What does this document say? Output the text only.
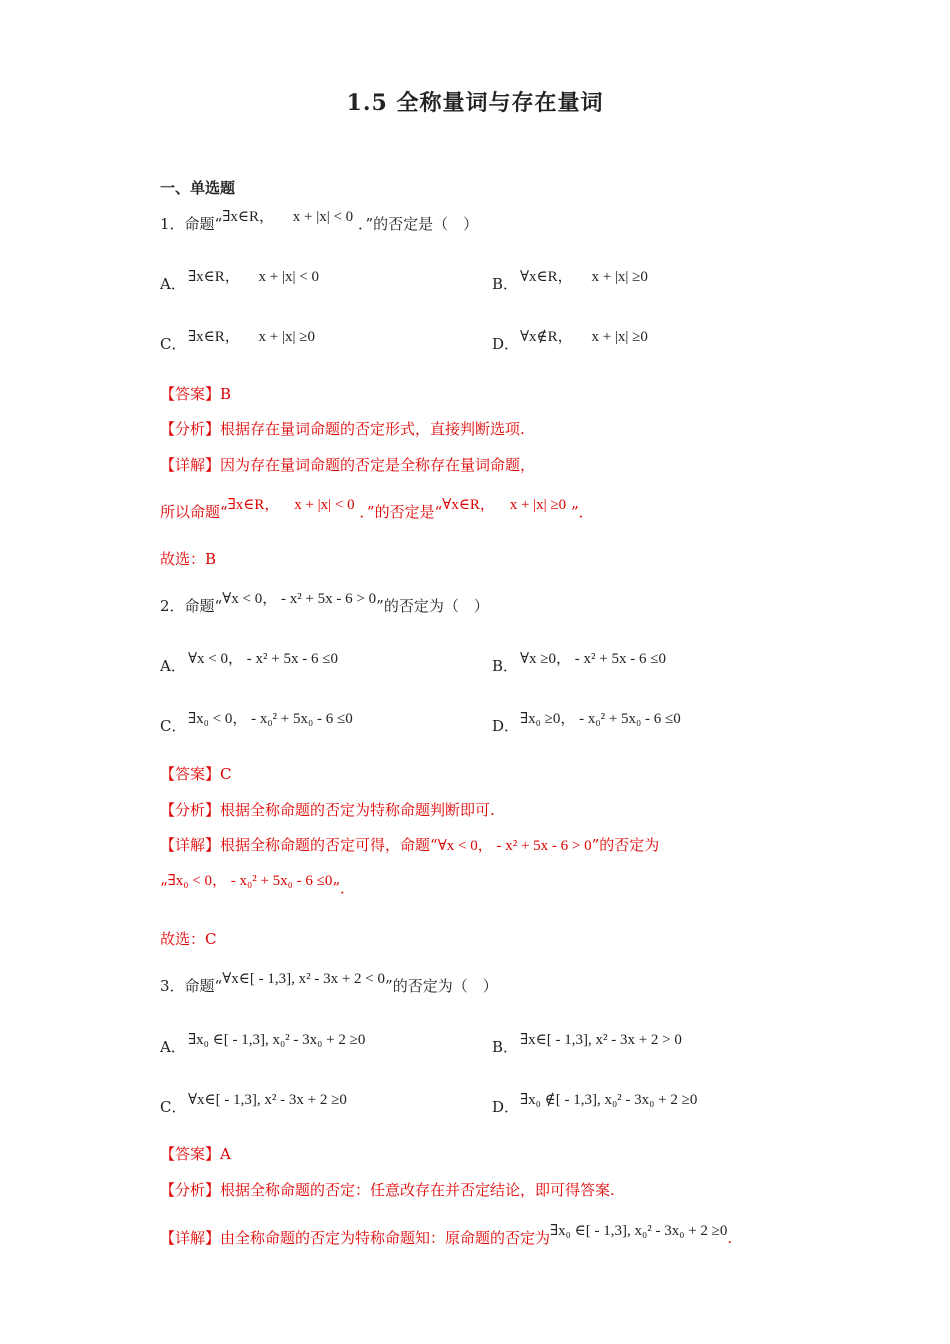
1.5 全称量词与存在量词
一、单选题
1．命题“∃x∈R， x + |x| < 0 ．”的否定是（　）
A． ∃x∈R， x + |x| < 0	B． ∀x∈R， x + |x| ≥0
C． ∃x∈R， x + |x| ≥0	D．∀x∉R， x + |x| ≥0
【答案】B
【分析】根据存在量词命题的否定形式，直接判断选项.
【详解】因为存在量词命题的否定是全称存在量词命题，
所以命题“∃x∈R， x + |x| < 0 ．”的否定是“∀x∈R， x + |x| ≥0 ”．
故选：B
2．命题“∀x < 0， - x² + 5x - 6 > 0”的否定为（　）
A． ∀x < 0， - x² + 5x - 6 ≤0	B． ∀x ≥0， - x² + 5x - 6 ≤0
C． ∃x₀ < 0， - x₀² + 5x₀ - 6 ≤0	D．∃x₀ ≥0， - x₀² + 5x₀ - 6 ≤0
【答案】C
【分析】根据全称命题的否定为特称命题判断即可.
【详解】根据全称命题的否定可得，命题“∀x < 0， - x² + 5x - 6 > 0”的否定为
“∃x₀ < 0， - x₀² + 5x₀ - 6 ≤0”．
故选：C
3．命题“∀x∈[ - 1,3], x² - 3x + 2 < 0”的否定为（　）
A． ∃x₀ ∈[ - 1,3], x₀² - 3x₀ + 2 ≥0	B． ∃x∈[ - 1,3], x² - 3x + 2 > 0
C． ∀x∈[ - 1,3], x² - 3x + 2 ≥0	D．∃x₀ ∉[ - 1,3], x₀² - 3x₀ + 2 ≥0
【答案】A
【分析】根据全称命题的否定：任意改存在并否定结论，即可得答案.
【详解】由全称命题的否定为特称命题知：原命题的否定为∃x₀ ∈[ - 1,3], x₀² - 3x₀ + 2 ≥0.
